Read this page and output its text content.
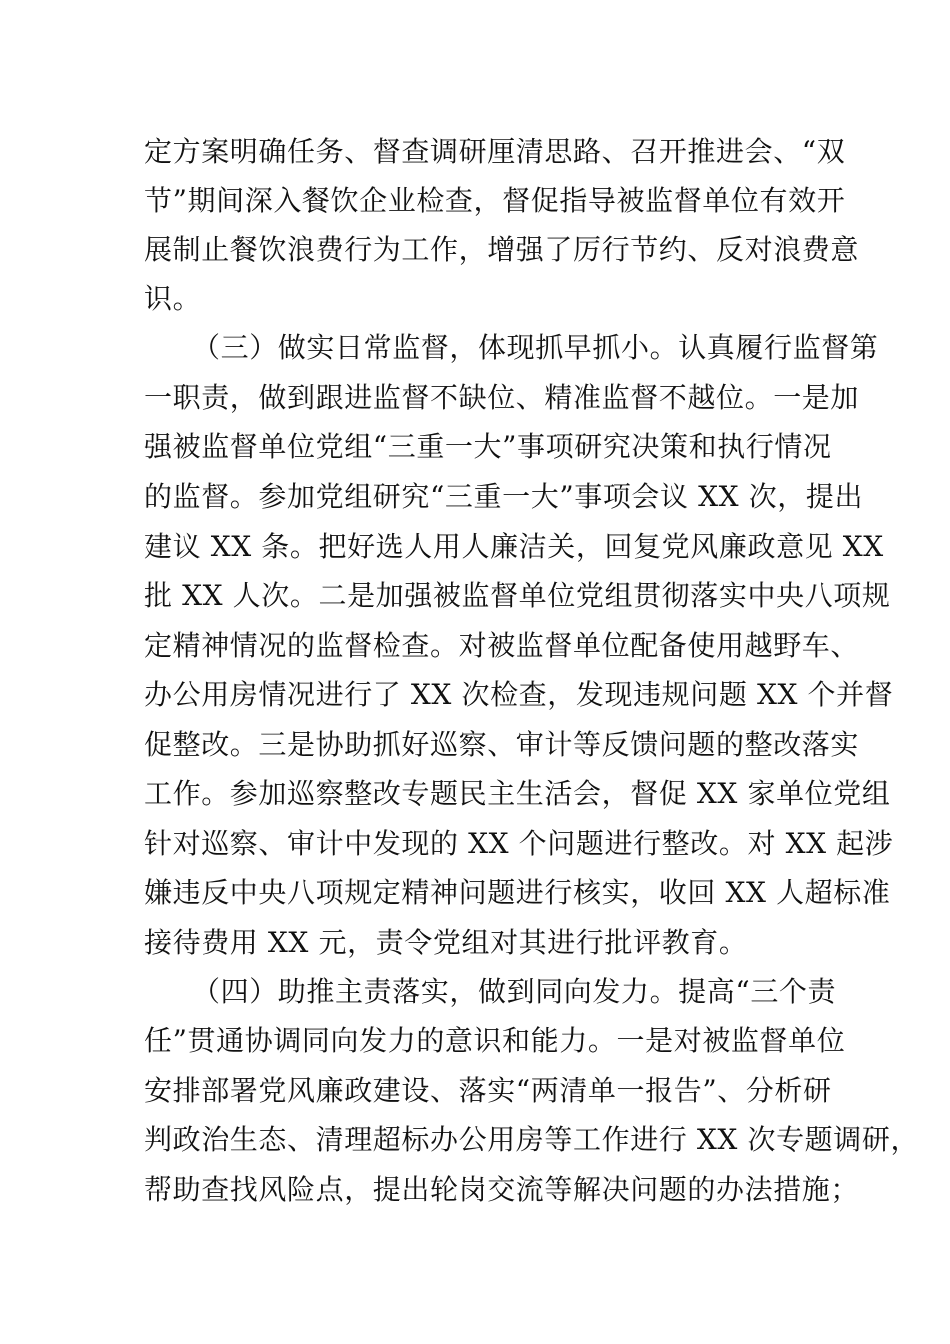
定方案明确任务、督查调研厘清思路、召开推进会、“双
节”期间深入餐饮企业检查，督促指导被监督单位有效开
展制止餐饮浪费行为工作，增强了厉行节约、反对浪费意
识。
（三）做实日常监督，体现抓早抓小。认真履行监督第
一职责，做到跟进监督不缺位、精准监督不越位。一是加
强被监督单位党组“三重一大”事项研究决策和执行情况
的监督。参加党组研究“三重一大”事项会议 XX 次，提出
建议 XX 条。把好选人用人廉洁关，回复党风廉政意见 XX
批 XX 人次。二是加强被监督单位党组贯彻落实中央八项规
定精神情况的监督检查。对被监督单位配备使用越野车、
办公用房情况进行了 XX 次检查，发现违规问题 XX 个并督
促整改。三是协助抓好巡察、审计等反馈问题的整改落实
工作。参加巡察整改专题民主生活会，督促 XX 家单位党组
针对巡察、审计中发现的 XX 个问题进行整改。对 XX 起涉
嫌违反中央八项规定精神问题进行核实，收回 XX 人超标准
接待费用 XX 元，责令党组对其进行批评教育。
（四）助推主责落实，做到同向发力。提高“三个责
任”贯通协调同向发力的意识和能力。一是对被监督单位
安排部署党风廉政建设、落实“两清单一报告”、分析研
判政治生态、清理超标办公用房等工作进行 XX 次专题调研，
帮助查找风险点，提出轮岗交流等解决问题的办法措施；
